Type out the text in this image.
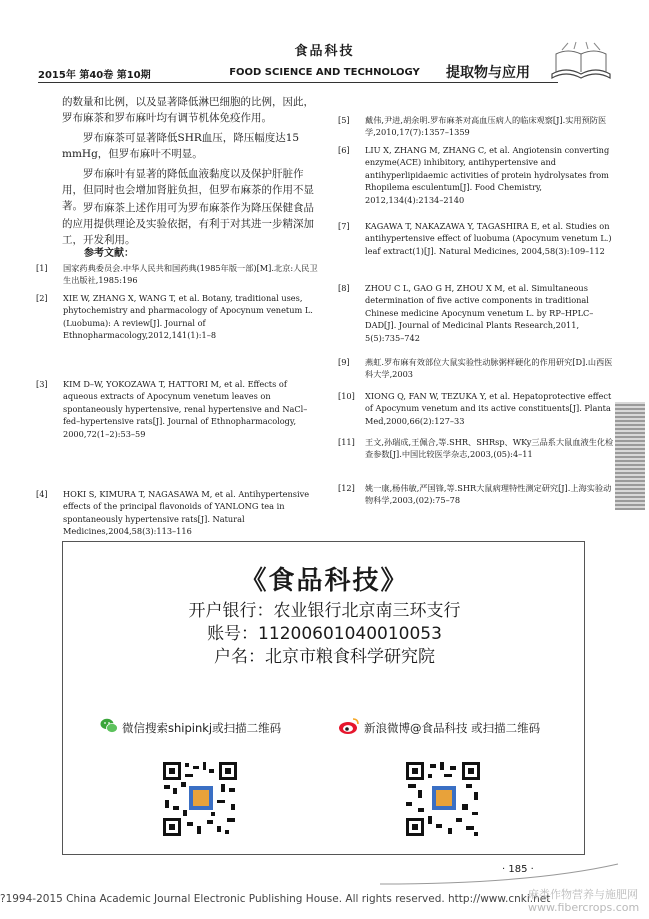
食品科技
2015年 第40卷 第10期	FOOD SCIENCE AND TECHNOLOGY	提取物与应用
的数量和比例，以及显著降低淋巴细胞的比例，因此，罗布麻茶和罗布麻叶均有调节机体免疫作用。
罗布麻茶可显著降低SHR血压，降压幅度达15 mmHg，但罗布麻叶不明显。
罗布麻叶有显著的降低血液黏度以及保护肝脏作用，但同时也会增加肾脏负担，但罗布麻茶的作用不显著。 罗布麻茶上述作用可为罗布麻茶作为降压保健食品的应用提供理论及实验依据，有利于对其进一步精深加工，开发利用。
参考文献：
[1] 国家药典委员会.中华人民共和国药典(1985年版一部)[M].北京:人民卫生出版社,1985:196
[2] XIE W, ZHANG X, WANG T, et al. Botany, traditional uses, phytochemistry and pharmacology of Apocynum venetum L. (Luobuma): A review[J]. Journal of Ethnopharmacology,2012,141(1):1–8
[3] KIM D–W, YOKOZAWA T, HATTORI M, et al. Effects of aqueous extracts of Apocynum venetum leaves on spontaneously hypertensive, renal hypertensive and NaCl–fed–hypertensive rats[J]. Journal of Ethnopharmacology, 2000,72(1–2):53–59
[4] HOKI S, KIMURA T, NAGASAWA M, et al. Antihypertensive effects of the principal flavonoids of YANLONG tea in spontaneously hypertensive rats[J]. Natural Medicines,2004,58(3):113–116
[5] 戴伟,尹进,胡余明.罗布麻茶对高血压病人的临床观察[J].实用预防医学,2010,17(7):1357–1359
[6] LIU X, ZHANG M, ZHANG C, et al. Angiotensin converting enzyme(ACE) inhibitory, antihypertensive and antihyperlipidaemic activities of protein hydrolysates from Rhopilema esculentum[J]. Food Chemistry, 2012,134(4):2134–2140
[7] KAGAWA T, NAKAZAWA Y, TAGASHIRA E, et al. Studies on antihypertensive effect of luobuma (Apocynum venetum L.) leaf extract(1)[J]. Natural Medicines, 2004,58(3):109–112
[8] ZHOU C L, GAO G H, ZHOU X M, et al. Simultaneous determination of five active components in traditional Chinese medicine Apocynum venetum L. by RP–HPLC–DAD[J]. Journal of Medicinal Plants Research,2011, 5(5):735–742
[9] 燕虹.罗布麻有效部位大鼠实验性动脉粥样硬化的作用研究[D].山西医科大学,2003
[10] XIONG Q, FAN W, TEZUKA Y, et al. Hepatoprotective effect of Apocynum venetum and its active constituents[J]. Planta Med,2000,66(2):127–33
[11] 王文,孙瑞成,王佩合,等.SHR、SHRsp、WKy三品系大鼠血液生化检查参数[J].中国比较医学杂志,2003,(05):4–11
[12] 姚一康,杨伟敏,严国锋,等.SHR大鼠病理特性测定研究[J].上海实验动物科学,2003,(02):75–78
《食品科技》
开户银行：农业银行北京南三环支行
账号：11200601040010053
户名：北京市粮食科学研究院
微信搜索shipinkj或扫描二维码	新浪微博@食品科技 或扫描二维码
· 185 ·
?1994-2015 China Academic Journal Electronic Publishing House. All rights reserved. http://www.cnki.net
麻类作物营养与施肥网
www.fibercrops.com
